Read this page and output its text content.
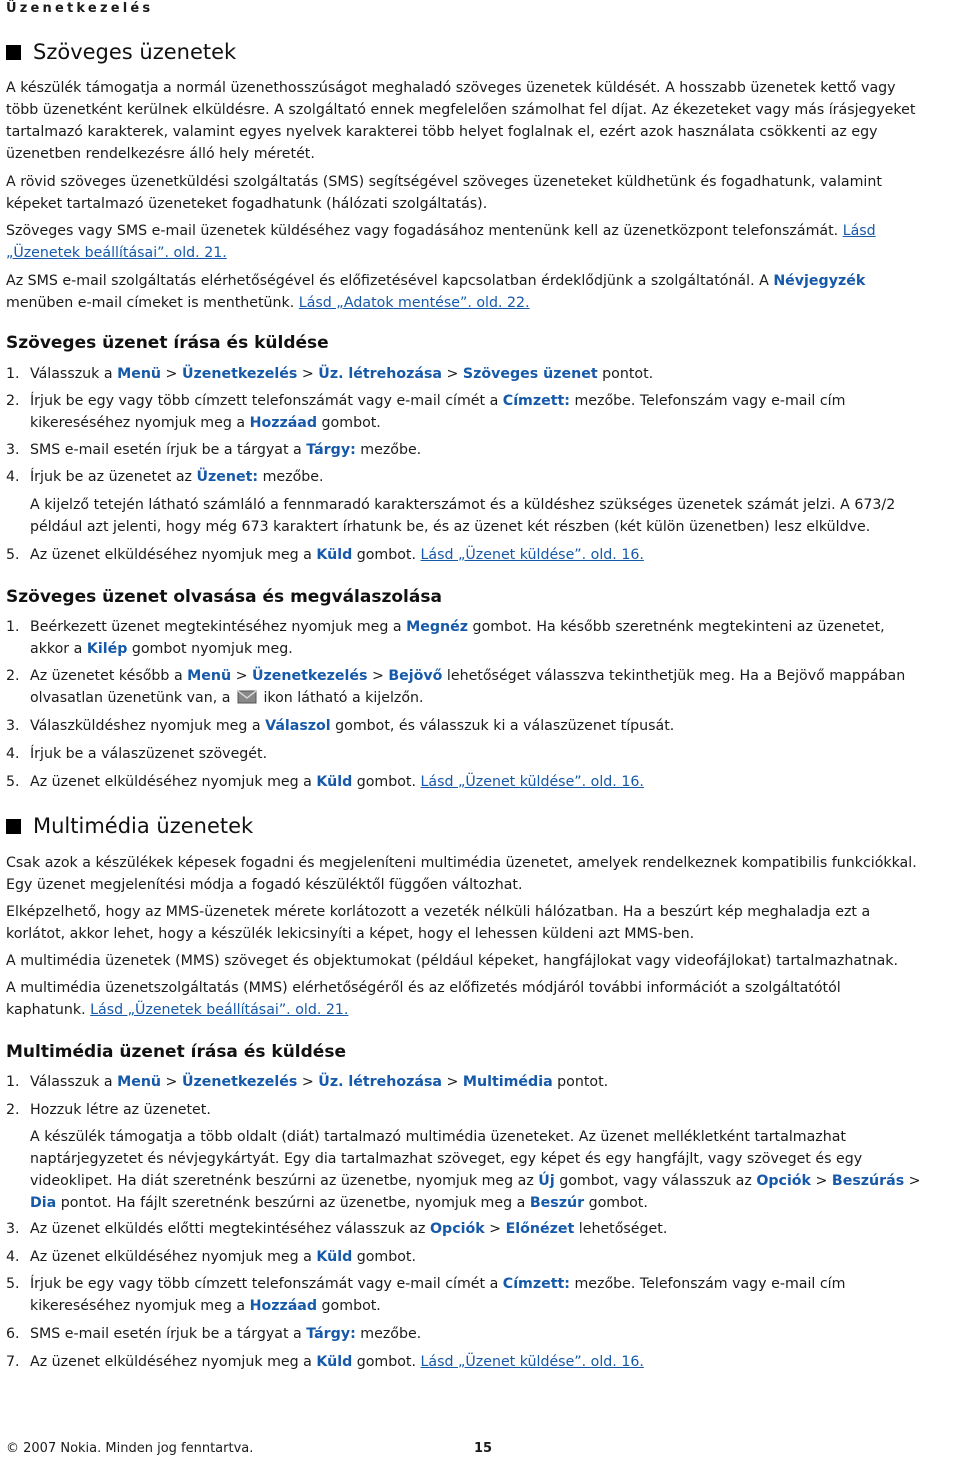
Üzenetkezelés
Szöveges üzenetek
A készülék támogatja a normál üzenethosszúságot meghaladó szöveges üzenetek küldését. A hosszabb üzenetek kettő vagy
több üzenetként kerülnek elküldésre. A szolgáltató ennek megfelelően számolhat fel díjat. Az ékezeteket vagy más írásjegyeket
tartalmazó karakterek, valamint egyes nyelvek karakterei több helyet foglalnak el, ezért azok használata csökkenti az egy
üzenetben rendelkezésre álló hely méretét.
A rövid szöveges üzenetküldési szolgáltatás (SMS) segítségével szöveges üzeneteket küldhetünk és fogadhatunk, valamint
képeket tartalmazó üzeneteket fogadhatunk (hálózati szolgáltatás).
Szöveges vagy SMS e-mail üzenetek küldéséhez vagy fogadásához mentenünk kell az üzenetközpont telefonszámát. Lásd
„Üzenetek beállításai”. old. 21.
Az SMS e-mail szolgáltatás elérhetőségével és előfizetésével kapcsolatban érdeklődjünk a szolgáltatónál. A Névjegyzék
menüben e-mail címeket is menthetünk. Lásd „Adatok mentése”. old. 22.
Szöveges üzenet írása és küldése
1. Válasszuk a Menü > Üzenetkezelés > Üz. létrehozása > Szöveges üzenet pontot.
2. Írjuk be egy vagy több címzett telefonszámát vagy e-mail címét a Címzett: mezőbe. Telefonszám vagy e-mail cím
kikereséséhez nyomjuk meg a Hozzáad gombot.
3. SMS e-mail esetén írjuk be a tárgyat a Tárgy: mezőbe.
4. Írjuk be az üzenetet az Üzenet: mezőbe.
A kijelző tetején látható számláló a fennmaradó karakterszámot és a küldéshez szükséges üzenetek számát jelzi. A 673/2
például azt jelenti, hogy még 673 karaktert írhatunk be, és az üzenet két részben (két külön üzenetben) lesz elküldve.
5. Az üzenet elküldéséhez nyomjuk meg a Küld gombot. Lásd „Üzenet küldése”. old. 16.
Szöveges üzenet olvasása és megválaszolása
1. Beérkezett üzenet megtekintéséhez nyomjuk meg a Megnéz gombot. Ha később szeretnénk megtekinteni az üzenetet,
akkor a Kilép gombot nyomjuk meg.
2. Az üzenetet később a Menü > Üzenetkezelés > Bejövő lehetőséget válasszva tekinthetjük meg. Ha a Bejövő mappában
olvasatlan üzenetünk van, a  ikon látható a kijelzőn.
3. Válaszküldéshez nyomjuk meg a Válaszol gombot, és válasszuk ki a válaszüzenet típusát.
4. Írjuk be a válaszüzenet szövegét.
5. Az üzenet elküldéséhez nyomjuk meg a Küld gombot. Lásd „Üzenet küldése”. old. 16.
Multimédia üzenetek
Csak azok a készülékek képesek fogadni és megjeleníteni multimédia üzenetet, amelyek rendelkeznek kompatibilis funkciókkal.
Egy üzenet megjelenítési módja a fogadó készüléktől függően változhat.
Elképzelhető, hogy az MMS-üzenetek mérete korlátozott a vezeték nélküli hálózatban. Ha a beszúrt kép meghaladja ezt a
korlátot, akkor lehet, hogy a készülék lekicsinyíti a képet, hogy el lehessen küldeni azt MMS-ben.
A multimédia üzenetek (MMS) szöveget és objektumokat (például képeket, hangfájlokat vagy videofájlokat) tartalmazhatnak.
A multimédia üzenetszolgáltatás (MMS) elérhetőségéről és az előfizetés módjáról további információt a szolgáltatótól
kaphatunk. Lásd „Üzenetek beállításai”. old. 21.
Multimédia üzenet írása és küldése
1. Válasszuk a Menü > Üzenetkezelés > Üz. létrehozása > Multimédia pontot.
2. Hozzuk létre az üzenetet.
A készülék támogatja a több oldalt (diát) tartalmazó multimédia üzeneteket. Az üzenet mellékletként tartalmazhat
naptárjegyzetet és névjegykártyát. Egy dia tartalmazhat szöveget, egy képet és egy hangfájlt, vagy szöveget és egy
videoklipet. Ha diát szeretnénk beszúrni az üzenetbe, nyomjuk meg az Új gombot, vagy válasszuk az Opciók > Beszúrás >
Dia pontot. Ha fájlt szeretnénk beszúrni az üzenetbe, nyomjuk meg a Beszúr gombot.
3. Az üzenet elküldés előtti megtekintéséhez válasszuk az Opciók > Előnézet lehetőséget.
4. Az üzenet elküldéséhez nyomjuk meg a Küld gombot.
5. Írjuk be egy vagy több címzett telefonszámát vagy e-mail címét a Címzett: mezőbe. Telefonszám vagy e-mail cím
kikereséséhez nyomjuk meg a Hozzáad gombot.
6. SMS e-mail esetén írjuk be a tárgyat a Tárgy: mezőbe.
7. Az üzenet elküldéséhez nyomjuk meg a Küld gombot. Lásd „Üzenet küldése”. old. 16.
© 2007 Nokia. Minden jog fenntartva.	15
